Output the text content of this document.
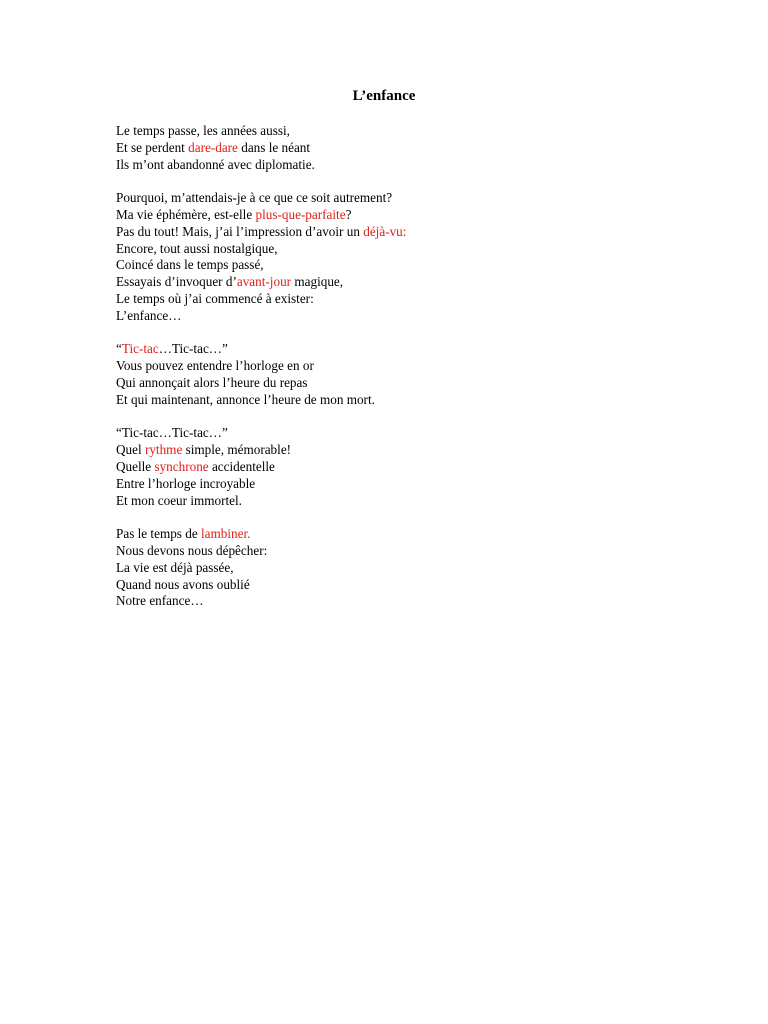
L’enfance
Le temps passe, les années aussi,
Et se perdent dare-dare dans le néant
Ils m’ont abandonné avec diplomatie.
Pourquoi, m’attendais-je à ce que ce soit autrement?
Ma vie éphémère, est-elle plus-que-parfaite?
Pas du tout! Mais, j’ai l’impression d’avoir un déjà-vu:
Encore, tout aussi nostalgique,
Coincé dans le temps passé,
Essayais d’invoquer d’avant-jour magique,
Le temps où j’ai commencé à exister:
L’enfance…
“Tic-tac…Tic-tac…”
Vous pouvez entendre l’horloge en or
Qui annonçait alors l’heure du repas
Et qui maintenant, annonce l’heure de mon mort.
“Tic-tac…Tic-tac…”
Quel rythme simple, mémorable!
Quelle synchrone accidentelle
Entre l’horloge incroyable
Et mon coeur immortel.
Pas le temps de lambiner.
Nous devons nous dépêcher:
La vie est déjà passée,
Quand nous avons oublié
Notre enfance…
